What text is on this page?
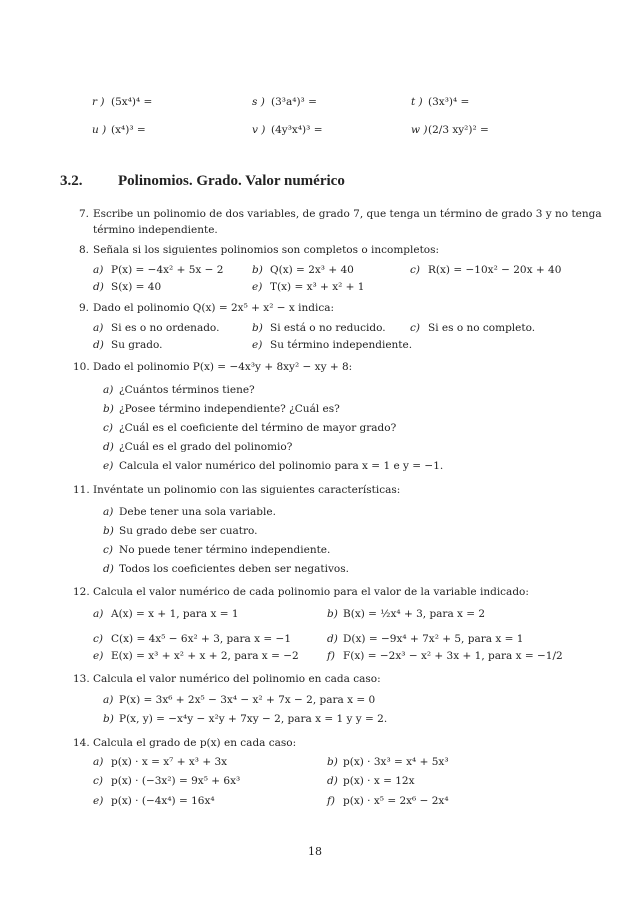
r ) (5x⁴)⁴ =	s ) (3³a⁴)³ =	t ) (3x³)⁴ =
u ) (x⁴)³ =	v ) (4y³x⁴)³ =	w ) (2/3 xy²)² =
3.2. Polinomios. Grado. Valor numérico
7. Escribe un polinomio de dos variables, de grado 7, que tenga un término de grado 3 y no tenga
término independiente.
8. Señala si los siguientes polinomios son completos o incompletos:
a) P(x) = −4x² + 5x − 2	b) Q(x) = 2x³ + 40	c) R(x) = −10x² − 20x + 40
d) S(x) = 40	e) T(x) = x³ + x² + 1
9. Dado el polinomio Q(x) = 2x⁵ + x² − x indica:
a) Si es o no ordenado.	b) Si está o no reducido. c) Si es o no completo.
d) Su grado.	e) Su término independiente.
10. Dado el polinomio P(x) = −4x³y + 8xy² − xy + 8:
a) ¿Cuántos términos tiene?
b) ¿Posee término independiente? ¿Cuál es?
c) ¿Cuál es el coeficiente del término de mayor grado?
d) ¿Cuál es el grado del polinomio?
e) Calcula el valor numérico del polinomio para x = 1 e y = −1.
11. Invéntate un polinomio con las siguientes características:
a) Debe tener una sola variable.
b) Su grado debe ser cuatro.
c) No puede tener término independiente.
d) Todos los coeficientes deben ser negativos.
12. Calcula el valor numérico de cada polinomio para el valor de la variable indicado:
a) A(x) = x + 1, para x = 1	b) B(x) = ½x⁴ + 3, para x = 2
c) C(x) = 4x⁵ − 6x² + 3, para x = −1	d) D(x) = −9x⁴ + 7x² + 5, para x = 1
e) E(x) = x³ + x² + x + 2, para x = −2	f) F(x) = −2x³ − x² + 3x + 1, para x = −1/2
13. Calcula el valor numérico del polinomio en cada caso:
a) P(x) = 3x⁶ + 2x⁵ − 3x⁴ − x² + 7x − 2, para x = 0
b) P(x, y) = −x⁴y − x²y + 7xy − 2, para x = 1 y y = 2.
14. Calcula el grado de p(x) en cada caso:
a) p(x) · x = x⁷ + x³ + 3x	b) p(x) · 3x³ = x⁴ + 5x³
c) p(x) · (−3x²) = 9x⁵ + 6x³	d) p(x) · x = 12x
e) p(x) · (−4x⁴) = 16x⁴	f) p(x) · x⁵ = 2x⁶ − 2x⁴
18
